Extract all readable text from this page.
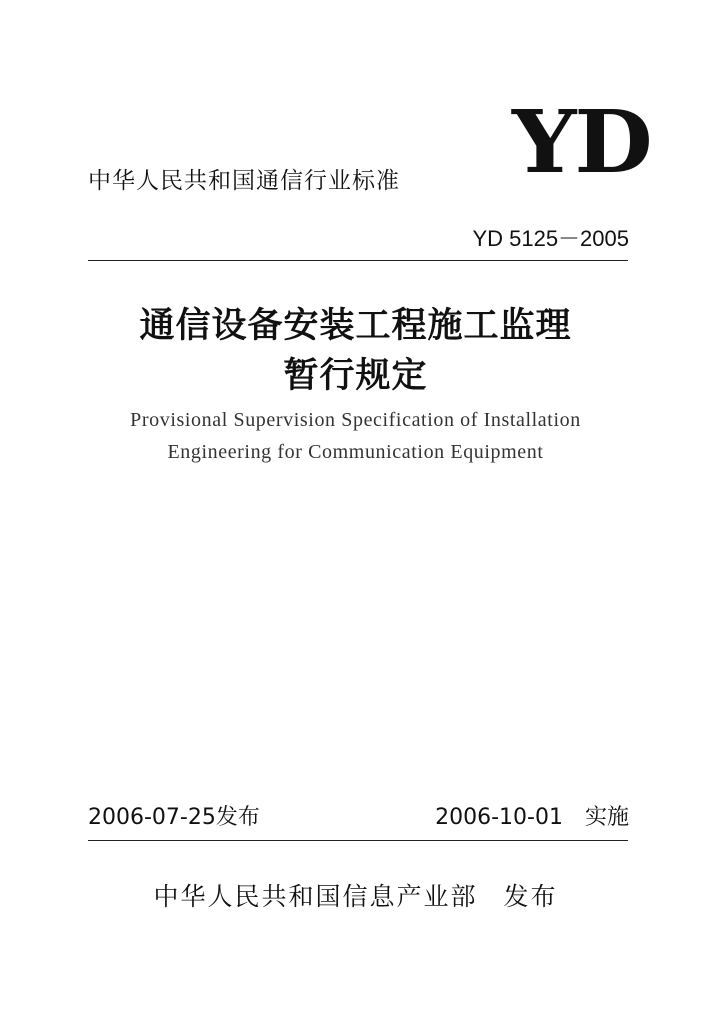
YD
中华人民共和国通信行业标准
YD 5125－2005
通信设备安装工程施工监理
暂行规定
Provisional Supervision Specification of Installation
Engineering for Communication Equipment
2006-07-25发布	2006-10-01 实施
中华人民共和国信息产业部 发布
